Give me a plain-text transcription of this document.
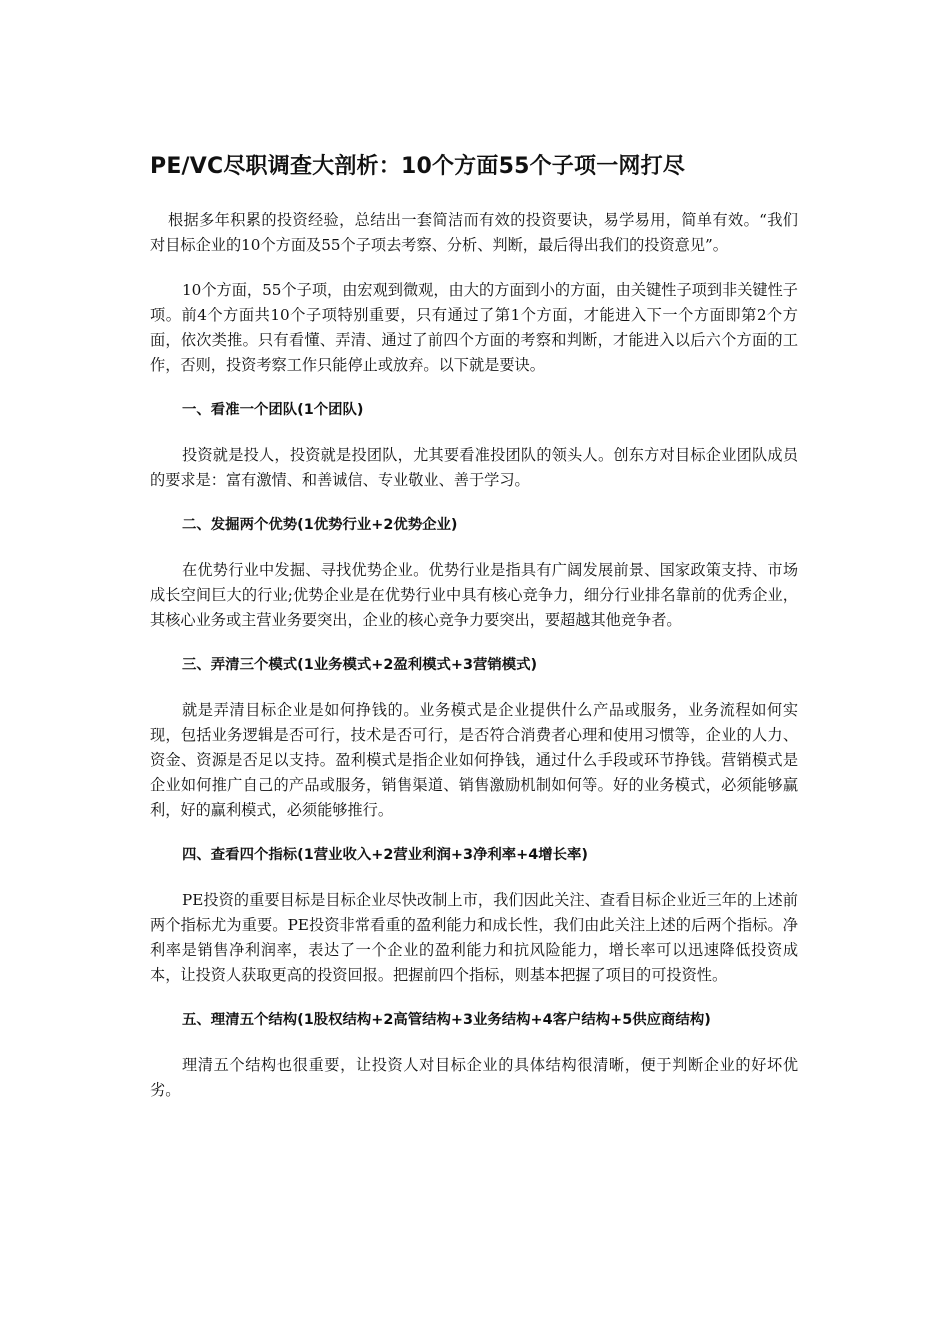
PE/VC尽职调查大剖析：10个方面55个子项一网打尽

根据多年积累的投资经验，总结出一套简洁而有效的投资要诀，易学易用，简单有效。“我们对目标企业的10个方面及55个子项去考察、分析、判断，最后得出我们的投资意见”。

10个方面，55个子项，由宏观到微观，由大的方面到小的方面，由关键性子项到非关键性子项。前4个方面共10个子项特别重要，只有通过了第1个方面，才能进入下一个方面即第2个方面，依次类推。只有看懂、弄清、通过了前四个方面的考察和判断，才能进入以后六个方面的工作，否则，投资考察工作只能停止或放弃。以下就是要诀。

一、看准一个团队(1个团队)

投资就是投人，投资就是投团队，尤其要看准投团队的领头人。创东方对目标企业团队成员的要求是：富有激情、和善诚信、专业敬业、善于学习。

二、发掘两个优势(1优势行业+2优势企业)

在优势行业中发掘、寻找优势企业。优势行业是指具有广阔发展前景、国家政策支持、市场成长空间巨大的行业;优势企业是在优势行业中具有核心竞争力，细分行业排名靠前的优秀企业，其核心业务或主营业务要突出，企业的核心竞争力要突出，要超越其他竞争者。

三、弄清三个模式(1业务模式+2盈利模式+3营销模式)

就是弄清目标企业是如何挣钱的。业务模式是企业提供什么产品或服务，业务流程如何实现，包括业务逻辑是否可行，技术是否可行，是否符合消费者心理和使用习惯等，企业的人力、资金、资源是否足以支持。盈利模式是指企业如何挣钱，通过什么手段或环节挣钱。营销模式是企业如何推广自己的产品或服务，销售渠道、销售激励机制如何等。好的业务模式，必须能够赢利，好的赢利模式，必须能够推行。

四、查看四个指标(1营业收入+2营业利润+3净利率+4增长率)

PE投资的重要目标是目标企业尽快改制上市，我们因此关注、查看目标企业近三年的上述前两个指标尤为重要。PE投资非常看重的盈利能力和成长性，我们由此关注上述的后两个指标。净利率是销售净利润率，表达了一个企业的盈利能力和抗风险能力，增长率可以迅速降低投资成本，让投资人获取更高的投资回报。把握前四个指标，则基本把握了项目的可投资性。

五、理清五个结构(1股权结构+2高管结构+3业务结构+4客户结构+5供应商结构)

理清五个结构也很重要，让投资人对目标企业的具体结构很清晰，便于判断企业的好坏优劣。
